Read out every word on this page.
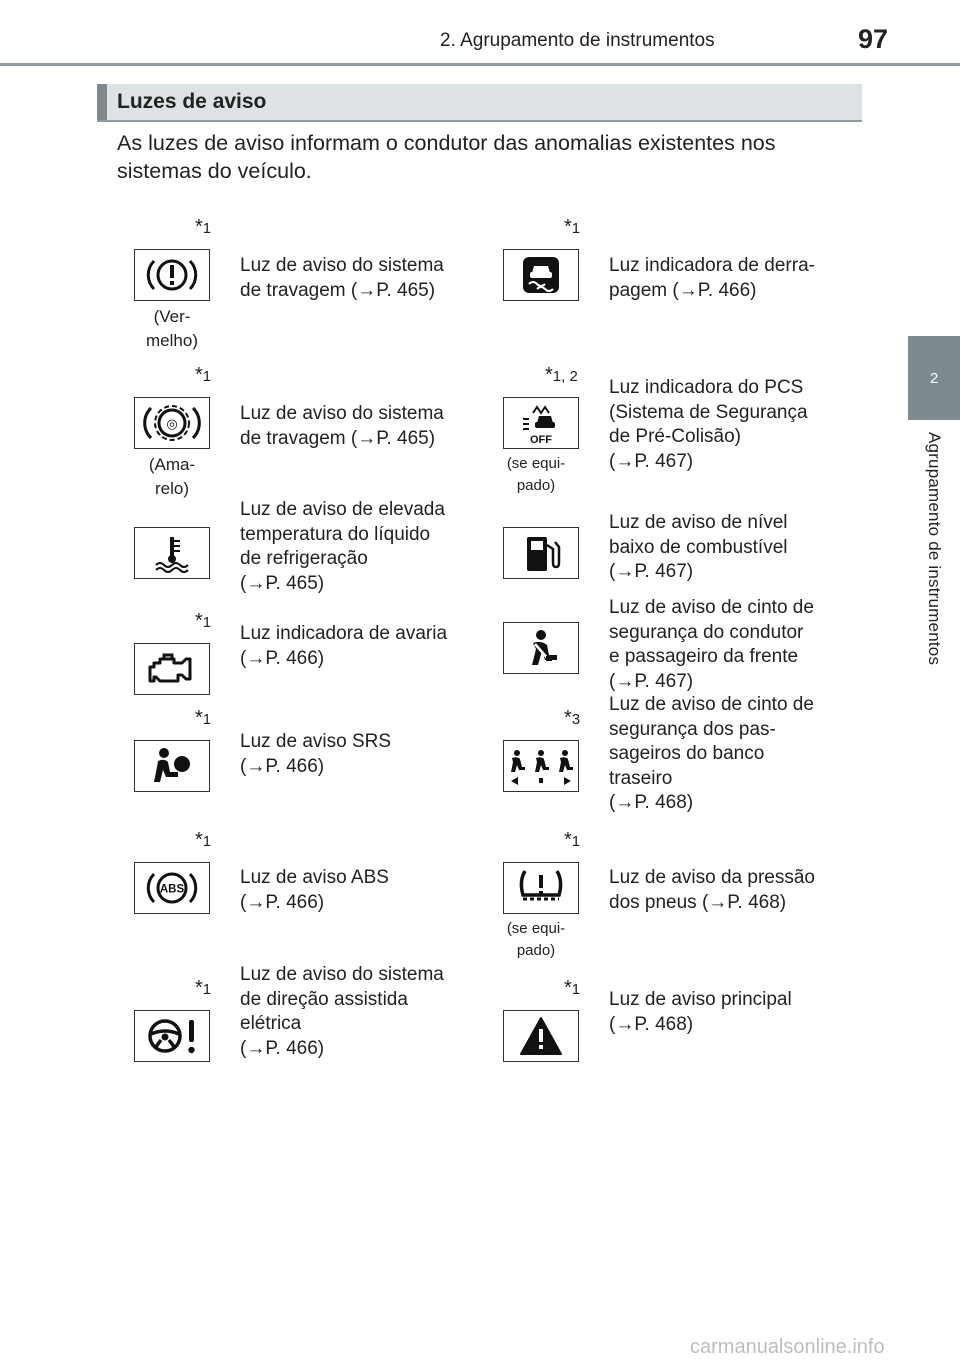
2. Agrupamento de instrumentos	97
2
Agrupamento de instrumentos
Luzes de aviso
As luzes de aviso informam o condutor das anomalias existentes nos
sistemas do veículo.
*1
(Ver-
melho)
Luz de aviso do sistema
de travagem (→P. 465)
*1
Luz indicadora de derra-
pagem (→P. 466)
*1
◎
(Ama-
relo)
Luz de aviso do sistema
de travagem (→P. 465)
*1, 2
OFF
(se equi-
pado)
Luz indicadora do PCS
(Sistema de Segurança
de Pré-Colisão)
(→P. 467)
Luz de aviso de elevada
temperatura do líquido
de refrigeração
(→P. 465)
Luz de aviso de nível
baixo de combustível
(→P. 467)
*1
Luz indicadora de avaria
(→P. 466)
Luz de aviso de cinto de
segurança do condutor
e passageiro da frente
(→P. 467)
*1
Luz de aviso SRS
(→P. 466)
*3
Luz de aviso de cinto de
segurança dos pas-
sageiros do banco
traseiro
(→P. 468)
*1
ABS
Luz de aviso ABS
(→P. 466)
*1
(se equi-
pado)
Luz de aviso da pressão
dos pneus (→P. 468)
*1
Luz de aviso do sistema
de direção assistida
elétrica
(→P. 466)
*1 Luz de aviso principal
(→P. 468)
carmanualsonline.info
